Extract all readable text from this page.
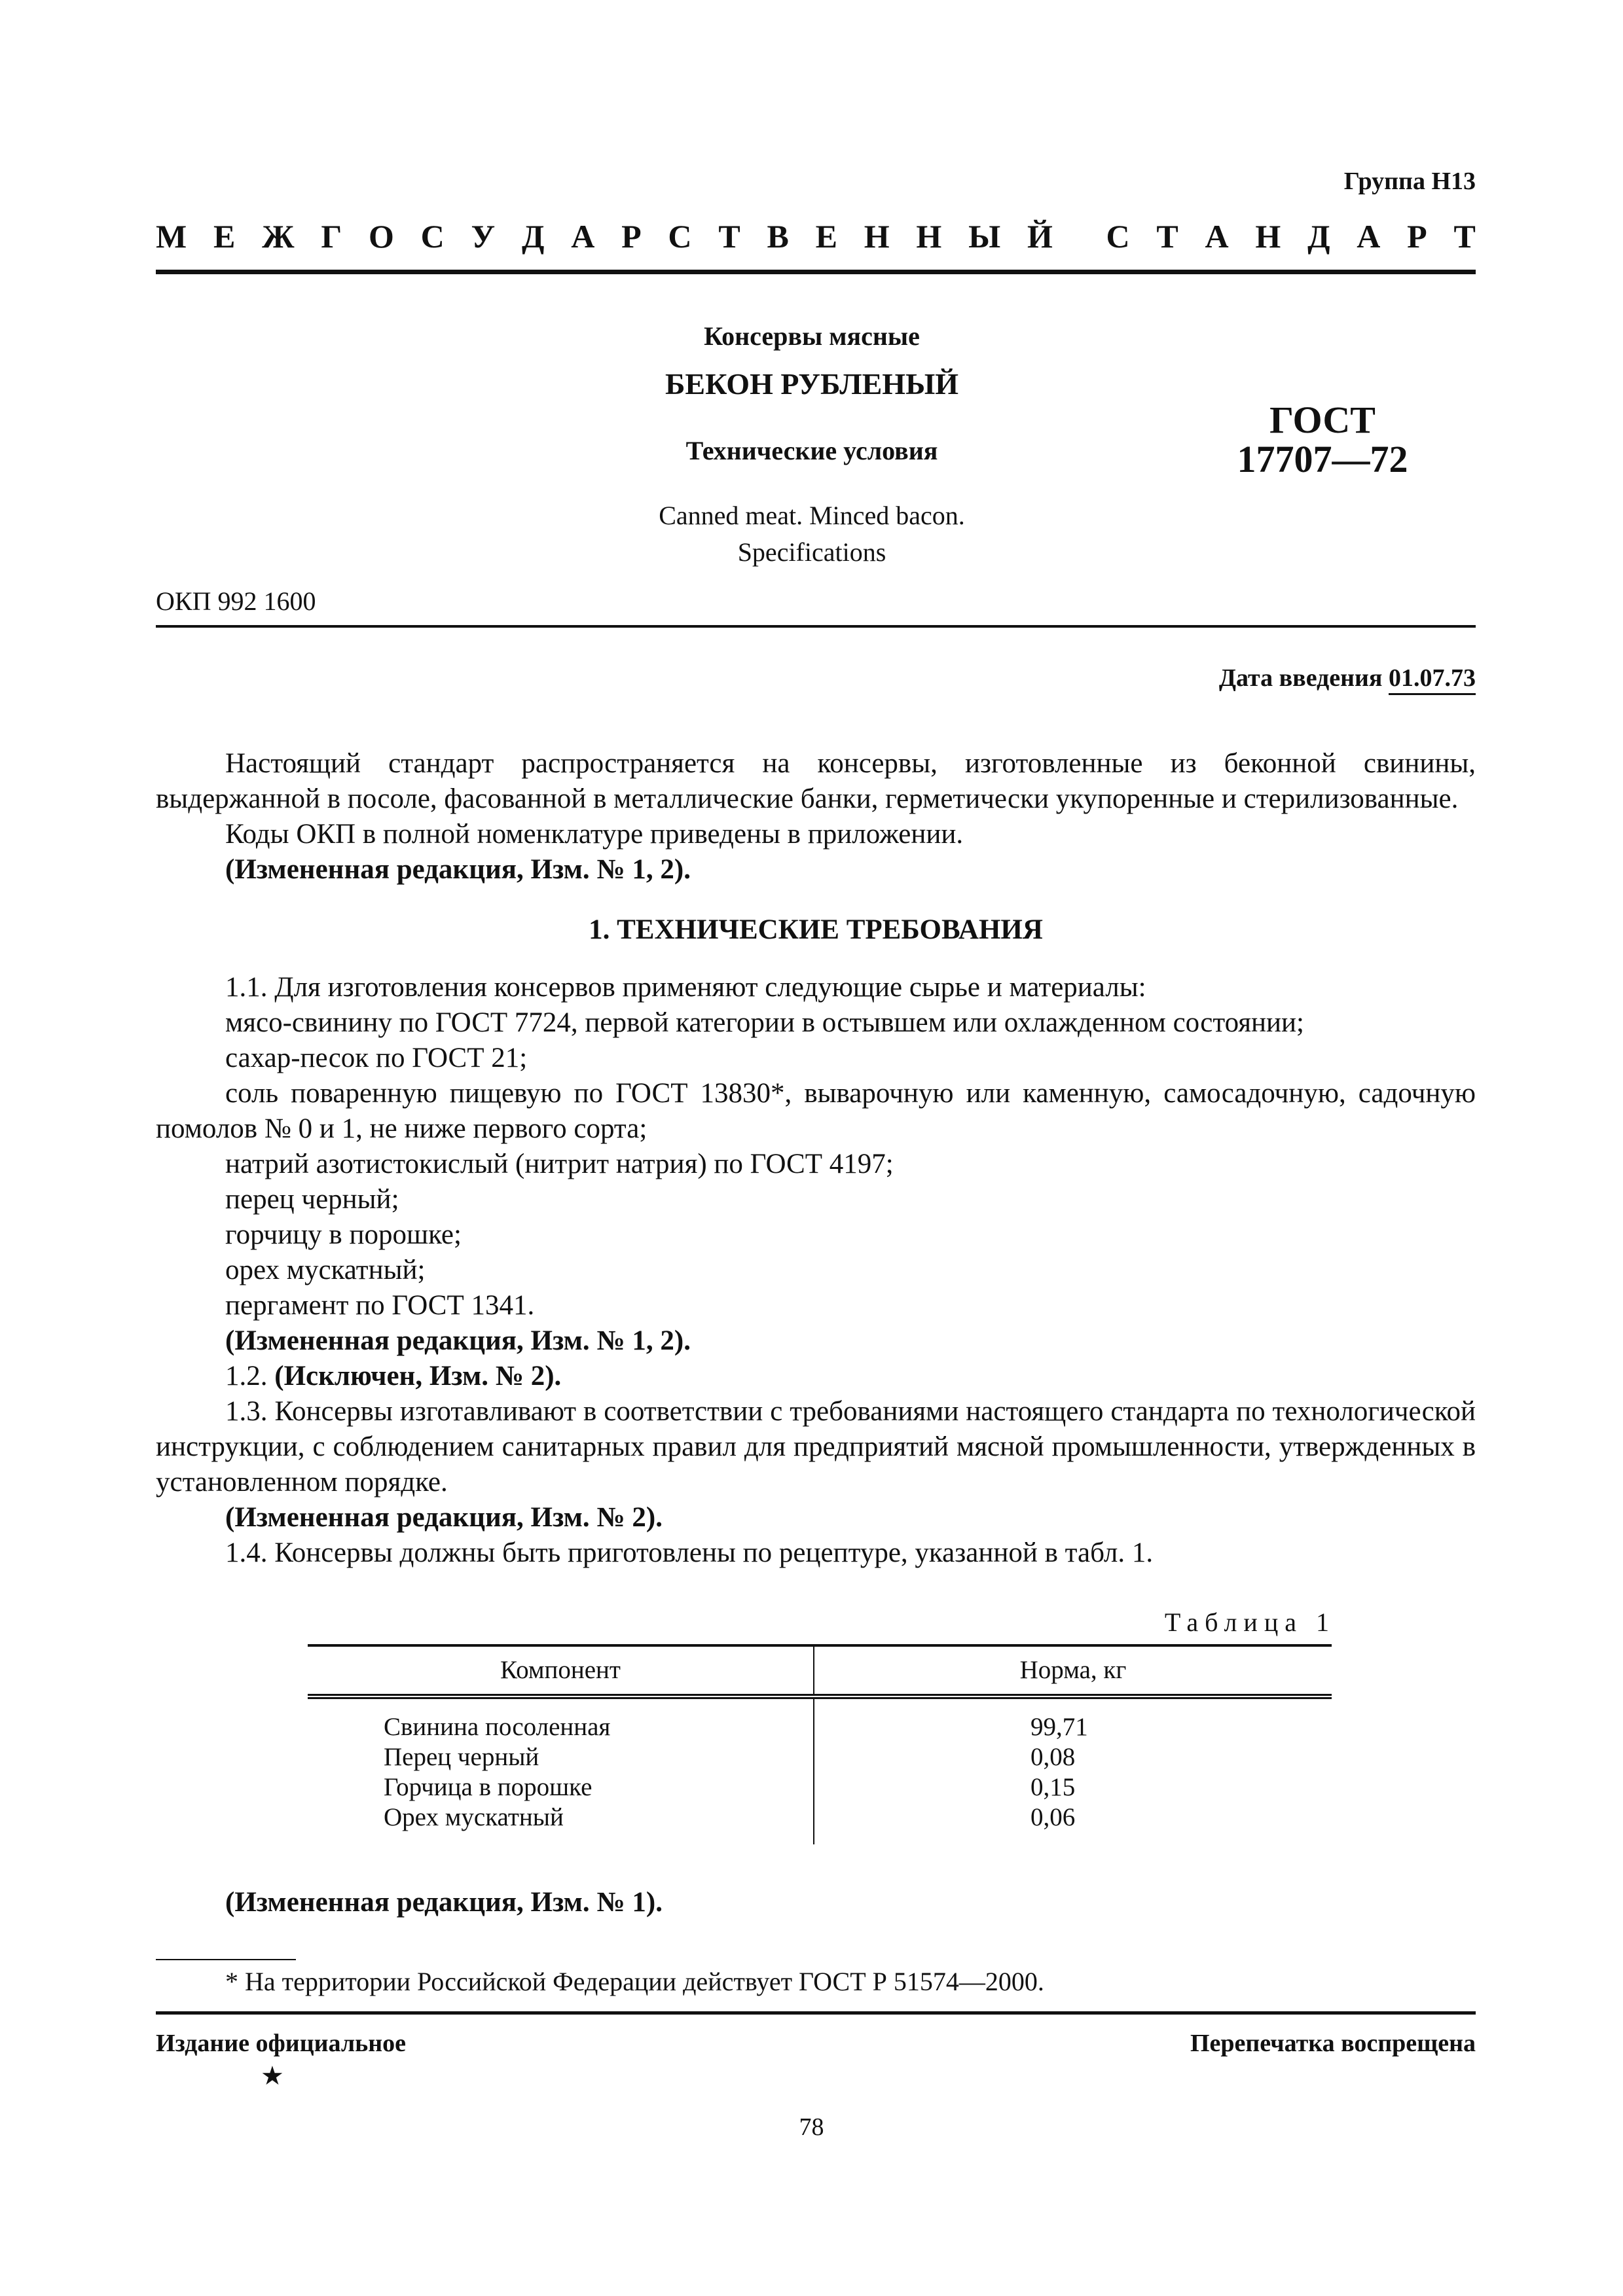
Группа Н13
М Е Ж Г О С У Д А Р С Т В Е Н Н Ы Й С Т А Н Д А Р Т
Консервы мясные
БЕКОН РУБЛЕНЫЙ
Технические условия
Canned meat. Minced bacon.
Specifications
ГОСТ
17707—72
ОКП 992 1600
Дата введения 01.07.73

Настоящий стандарт распространяется на консервы, изготовленные из беконной свинины, выдержанной в посоле, фасованной в металлические банки, герметически укупоренные и стерилизованные.

Коды ОКП в полной номенклатуре приведены в приложении.

(Измененная редакция, Изм. № 1, 2).

1. ТЕХНИЧЕСКИЕ ТРЕБОВАНИЯ

1.1. Для изготовления консервов применяют следующие сырье и материалы:

мясо-свинину по ГОСТ 7724, первой категории в остывшем или охлажденном состоянии;

сахар-песок по ГОСТ 21;

соль поваренную пищевую по ГОСТ 13830*, выварочную или каменную, самосадочную, садочную помолов № 0 и 1, не ниже первого сорта;

натрий азотистокислый (нитрит натрия) по ГОСТ 4197;

перец черный;

горчицу в порошке;

орех мускатный;

пергамент по ГОСТ 1341.

(Измененная редакция, Изм. № 1, 2).

1.2. (Исключен, Изм. № 2).

1.3. Консервы изготавливают в соответствии с требованиями настоящего стандарта по технологической инструкции, с соблюдением санитарных правил для предприятий мясной промышленности, утвержденных в установленном порядке.

(Измененная редакция, Изм. № 2).

1.4. Консервы должны быть приготовлены по рецептуре, указанной в табл. 1.

Таблица 1

Компонент	Норма, кг
Свинина посоленная	99,71
Перец черный	0,08
Горчица в порошке	0,15
Орех мускатный	0,06

(Измененная редакция, Изм. № 1).

* На территории Российской Федерации действует ГОСТ Р 51574—2000.
Издание официальное
★
Перепечатка воспрещена
78
